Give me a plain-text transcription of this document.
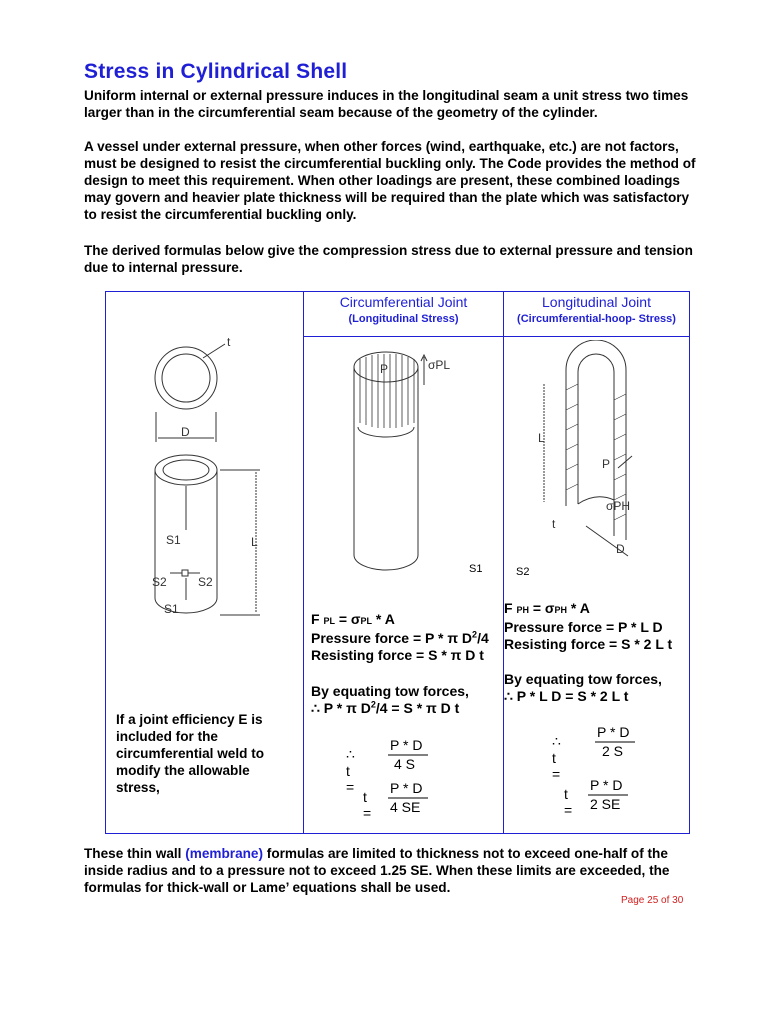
Stress in Cylindrical Shell

Uniform internal or external pressure induces in the longitudinal seam a unit stress two times larger than in the circumferential seam because of the geometry of the cylinder.

A vessel under external pressure, when other forces (wind, earthquake, etc.) are not factors, must be designed to resist the circumferential buckling only. The Code provides the method of design to meet this requirement. When other loadings are present, these combined loadings may govern and heavier plate thickness will be required than the plate which was satisfactory to resist the circumferential buckling only.

The derived formulas below give the compression stress due to external pressure and tension due to internal pressure.

Circumferential Joint
(Longitudinal Stress)
Longitudinal Joint
(Circumferential-hoop- Stress)
t
D
S1
S2	S2
S1
L
P	σPL
S1
L
P
σPH
t
D
S2

If a joint efficiency E is included for the circumferential weld to modify the allowable stress,

F PL = σPL * A
Pressure force = P * π $D^2/4$
Resisting force = S * π D t
By equating tow forces,
∴ P * π $D^2/4 = S * \pi$ D t
∴ t =
P * D
4 S
t =
P * D
4 SE
F PH = σPH * A
Pressure force = P * L D
Resisting force = S * 2 L t
By equating tow forces,
∴ P * L D = S * 2 L t
∴ t =
P * D
2 S
t =
P * D
2 SE

These thin wall (membrane) formulas are limited to thickness not to exceed one-half of the inside radius and to a pressure not to exceed 1.25 SE. When these limits are exceeded, the formulas for thick-wall or Lame’ equations shall be used.

Page 25 of 30
